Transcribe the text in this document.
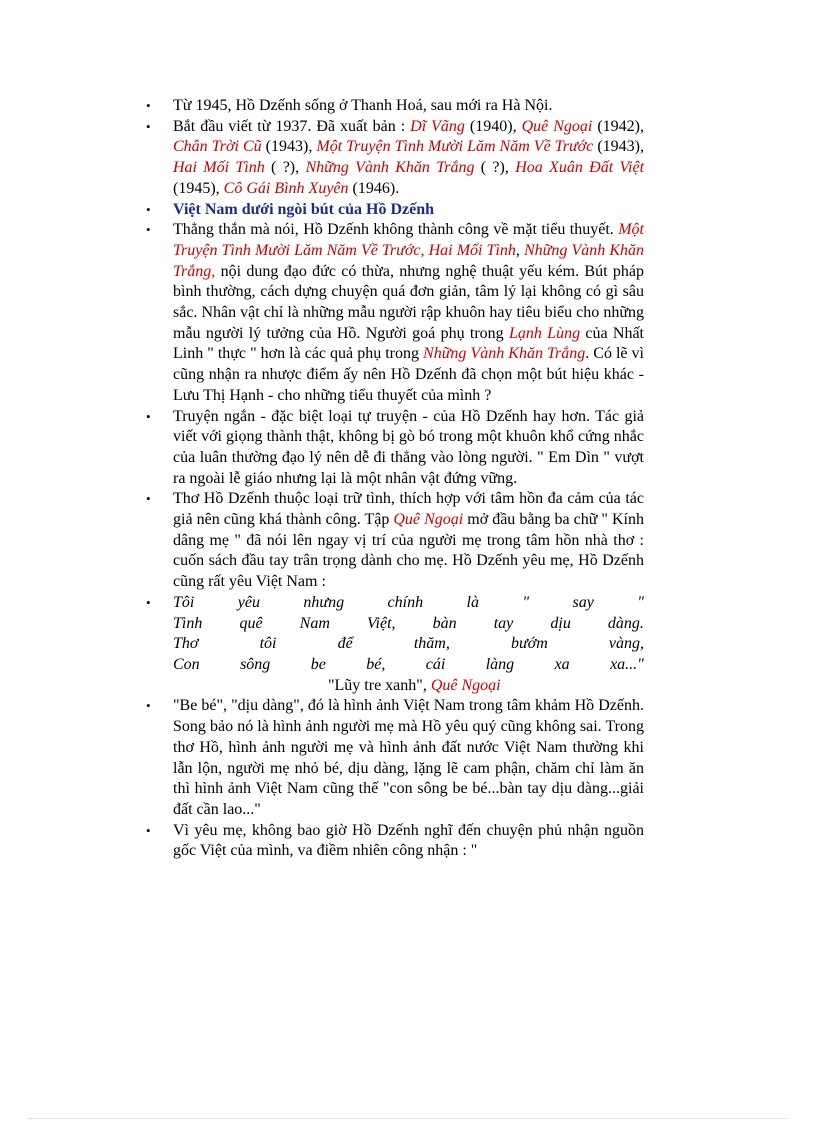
• Từ 1945, Hồ Dzếnh sống ở Thanh Hoá, sau mới ra Hà Nội.

• Bắt đầu viết từ 1937. Đã xuất bản : Dĩ Vãng (1940), Quê Ngoại (1942), Chân Trời Cũ (1943), Một Truyện Tình Mười Lăm Năm Về Trước (1943), Hai Mối Tình ( ?), Những Vành Khăn Trắng ( ?), Hoa Xuân Đất Việt (1945), Cô Gái Bình Xuyên (1946).

• Việt Nam dưới ngòi bút của Hồ Dzếnh

• Thẳng thắn mà nói, Hồ Dzếnh không thành công về mặt tiểu thuyết. Một Truyện Tình Mười Lăm Năm Về Trước, Hai Mối Tình, Những Vành Khăn Trắng, nội dung đạo đức có thừa, nhưng nghệ thuật yếu kém. Bút pháp bình thường, cách dựng chuyện quá đơn giản, tâm lý lại không có gì sâu sắc. Nhân vật chỉ là những mẫu người rập khuôn hay tiêu biểu cho những mẫu người lý tưởng của Hồ. Người goá phụ trong Lạnh Lùng của Nhất Linh " thực " hơn là các quả phụ trong Những Vành Khăn Trắng. Có lẽ vì cũng nhận ra nhược điểm ấy nên Hồ Dzếnh đã chọn một bút hiệu khác - Lưu Thị Hạnh - cho những tiểu thuyết của mình ?

• Truyện ngắn - đặc biệt loại tự truyện - của Hồ Dzếnh hay hơn. Tác giả viết với giọng thành thật, không bị gò bó trong một khuôn khổ cứng nhắc của luân thường đạo lý nên dễ đi thẳng vào lòng người. " Em Dìn " vượt ra ngoài lễ giáo nhưng lại là một nhân vật đứng vững.

• Thơ Hồ Dzếnh thuộc loại trữ tình, thích hợp với tâm hồn đa cảm của tác giả nên cũng khá thành công. Tập Quê Ngoại mở đầu bằng ba chữ " Kính dâng mẹ " đã nói lên ngay vị trí của người mẹ trong tâm hồn nhà thơ : cuốn sách đầu tay trân trọng dành cho mẹ. Hồ Dzếnh yêu mẹ, Hồ Dzếnh cũng rất yêu Việt Nam :

• Tôi	yêu	nhưng	chính	là	"	say	"
Tình quê Nam Việt, bàn tay dịu dàng.
Thơ	tôi	để	thăm,	bướm	vàng,
Con	sông	be	bé,	cái	làng	xa	xa..."
"Lũy tre xanh", Quê Ngoại
• "Be bé", "dịu dàng", đó là hình ảnh Việt Nam trong tâm khảm Hồ Dzếnh. Song bảo nó là hình ảnh người mẹ mà Hồ yêu quý cũng không sai. Trong thơ Hồ, hình ảnh người mẹ và hình ảnh đất nước Việt Nam thường khi lẫn lộn, người mẹ nhỏ bé, dịu dàng, lặng lẽ cam phận, chăm chỉ làm ăn thì hình ảnh Việt Nam cũng thế "con sông be bé...bàn tay dịu dàng...giải đất cần lao..."

• Vì yêu mẹ, không bao giờ Hồ Dzếnh nghĩ đến chuyện phủ nhận nguồn gốc Việt của mình, va điềm nhiên công nhận : "
